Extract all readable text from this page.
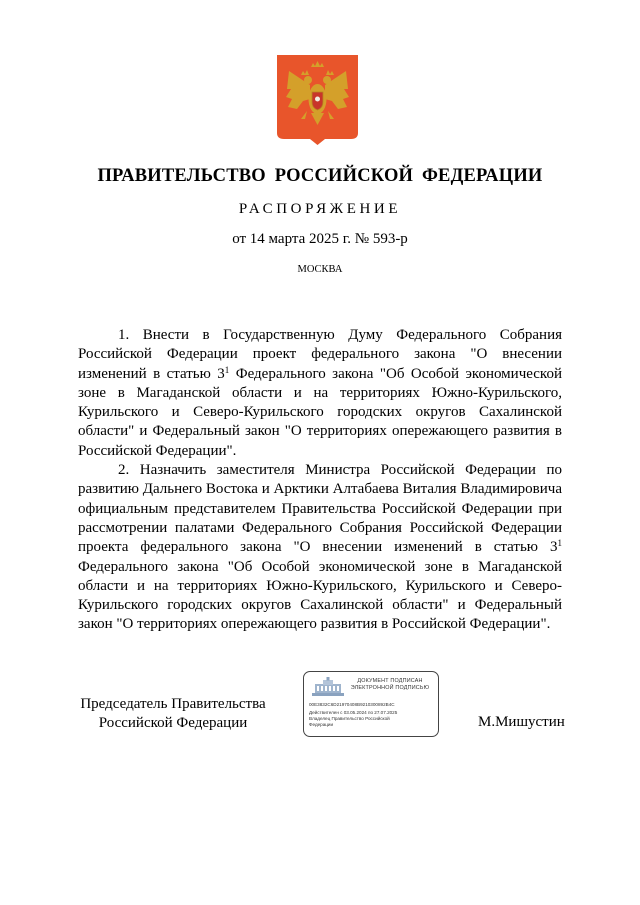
ПРАВИТЕЛЬСТВО РОССИЙСКОЙ ФЕДЕРАЦИИ
РАСПОРЯЖЕНИЕ
от 14 марта 2025 г. № 593-р
МОСКВА

1. Внести в Государственную Думу Федерального Собрания Российской Федерации проект федерального закона "О внесении изменений в статью $3^1$ Федерального закона "Об Особой экономической зоне в Магаданской области и на территориях Южно-Курильского, Курильского и Северо-Курильского городских округов Сахалинской области" и Федеральный закон "О территориях опережающего развития в Российской Федерации".

2. Назначить заместителя Министра Российской Федерации по развитию Дальнего Востока и Арктики Алтабаева Виталия Владимировича официальным представителем Правительства Российской Федерации при рассмотрении палатами Федерального Собрания Российской Федерации проекта федерального закона "О внесении изменений в статью $3^1$ Федерального закона "Об Особой экономической зоне в Магаданской области и на территориях Южно-Курильского, Курильского и Северо-Курильского городских округов Сахалинской области" и Федеральный закон "О территориях опережающего развития в Российской Федерации".

Председатель Правительства
Российской Федерации
ДОКУМЕНТ ПОДПИСАН
ЭЛЕКТРОННОЙ ПОДПИСЬЮ
00E3832C6D21970408B9210300892B4C
Действителен с 03.05.2024 по 27.07.2025
Владелец Правительство Российской
Федерации	М.Мишустин
